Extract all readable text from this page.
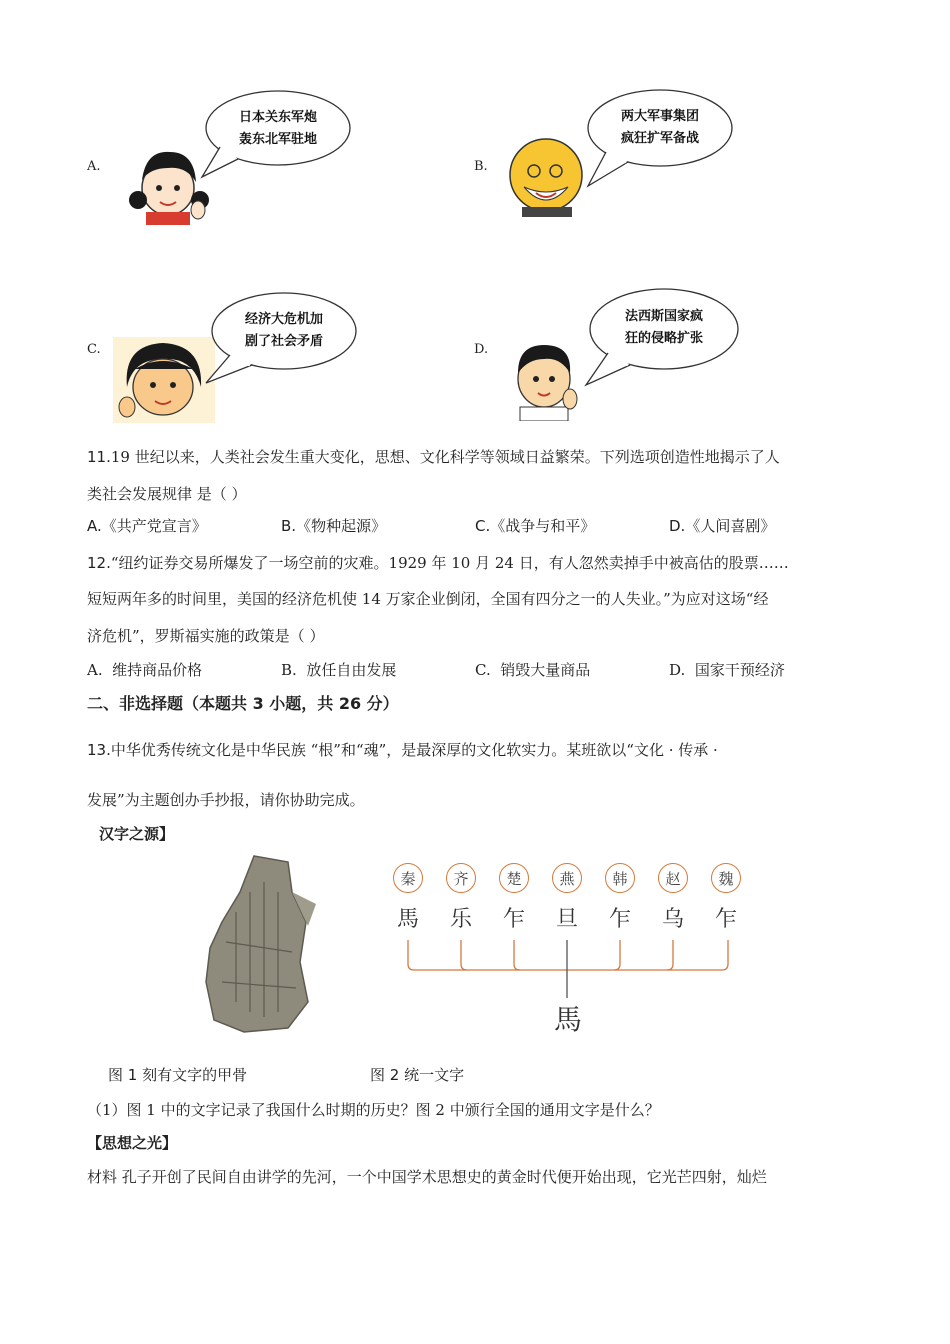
A.
日本关东军炮
轰东北军驻地
B.
两大军事集团
疯狂扩军备战
C.
经济大危机加
剧了社会矛盾
D.
法西斯国家疯
狂的侵略扩张
11.19 世纪以来，人类社会发生重大变化，思想、文化科学等领域日益繁荣。下列选项创造性地揭示了人
类社会发展规律 是（ ）
A.《共产党宣言》	B.《物种起源》	C.《战争与和平》	D.《人间喜剧》
12.“纽约证券交易所爆发了一场空前的灾难。1929 年 10 月 24 日，有人忽然卖掉手中被高估的股票……
短短两年多的时间里，美国的经济危机使 14 万家企业倒闭，全国有四分之一的人失业。”为应对这场“经
济危机”，罗斯福实施的政策是（ ）
A. 维持商品价格	B. 放任自由发展	C. 销毁大量商品	D. 国家干预经济
二、非选择题（本题共 3 小题，共 26 分）
13.中华优秀传统文化是中华民族 “根”和“魂”，是最深厚的文化软实力。某班欲以“文化 · 传承 ·
发展”为主题创办手抄报，请你协助完成。
汉字之源】
秦	齐	楚	燕	韩	赵	魏
馬 乐 乍 旦 乍 乌 乍
馬
图 1 刻有文字的甲骨	图 2 统一文字
（1）图 1 中的文字记录了我国什么时期的历史？图 2 中颁行全国的通用文字是什么？
【思想之光】
材料 孔子开创了民间自由讲学的先河，一个中国学术思想史的黄金时代便开始出现，它光芒四射，灿烂
